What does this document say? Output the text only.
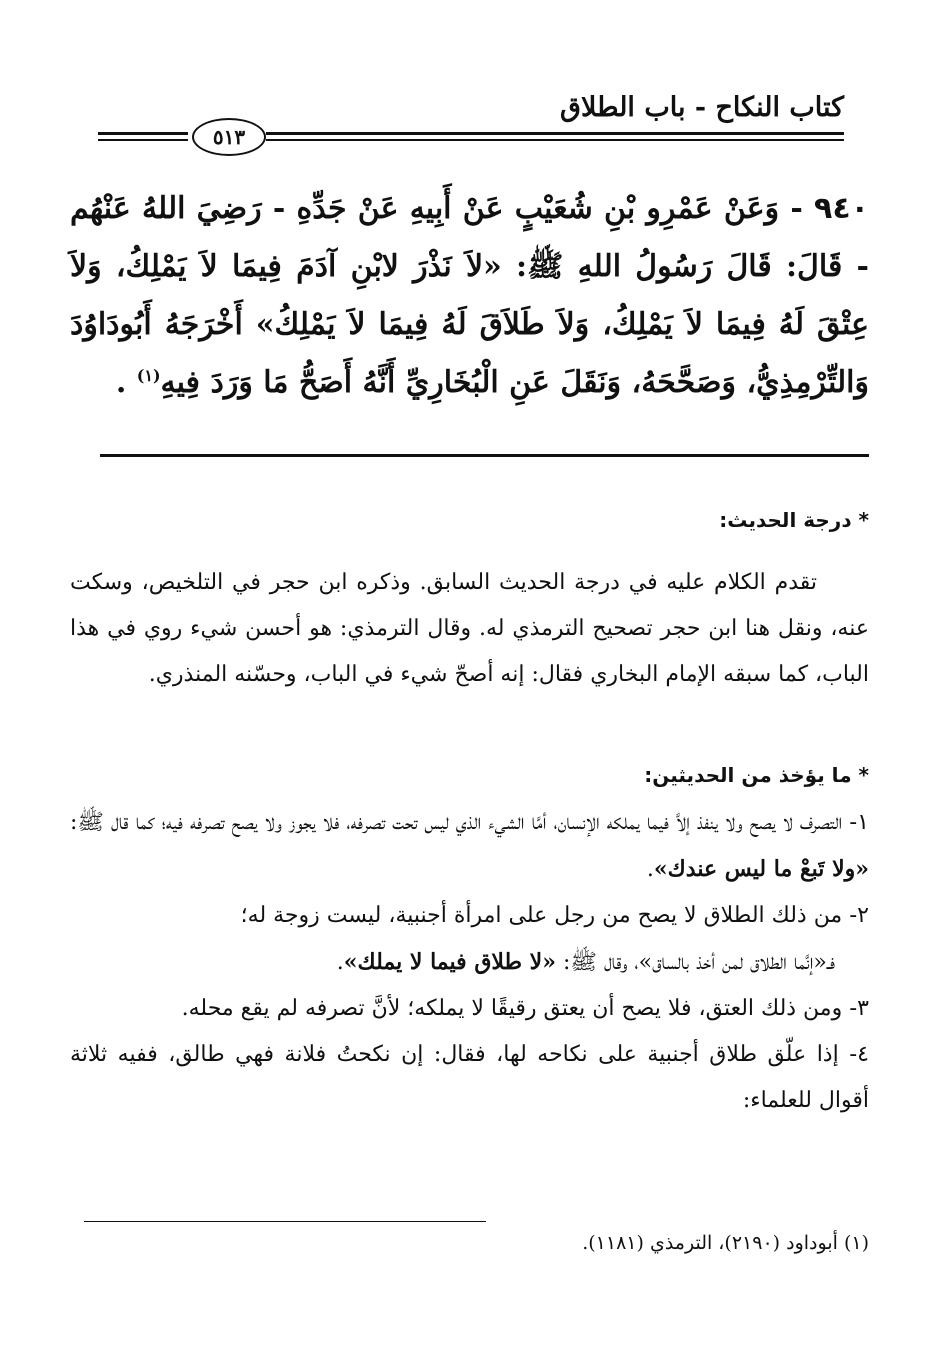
كتاب النكاح - باب الطلاق
٥١٣
٩٤٠ - وَعَنْ عَمْرِو بْنِ شُعَيْبٍ عَنْ أَبِيهِ عَنْ جَدِّهِ - رَضِيَ اللهُ عَنْهُم - قَالَ: قَالَ رَسُولُ اللهِ ﷺ: «لاَ نَذْرَ لابْنِ آدَمَ فِيمَا لاَ يَمْلِكُ، وَلاَ عِتْقَ لَهُ فِيمَا لاَ يَمْلِكُ، وَلاَ طَلاَقَ لَهُ فِيمَا لاَ يَمْلِكُ» أَخْرَجَهُ أَبُودَاوُدَ وَالتِّرْمِذِيُّ، وَصَحَّحَهُ، وَنَقَلَ عَنِ الْبُخَارِيِّ أَنَّهُ أَصَحُّ مَا وَرَدَ فِيهِ$^{(١)}$ .
* درجة الحديث:
تقدم الكلام عليه في درجة الحديث السابق. وذكره ابن حجر في التلخيص، وسكت عنه، ونقل هنا ابن حجر تصحيح الترمذي له. وقال الترمذي: هو أحسن شيء روي في هذا الباب، كما سبقه الإمام البخاري فقال: إنه أصحّ شيء في الباب، وحسّنه المنذري.
* ما يؤخذ من الحديثين:
١- التصرف لا يصح ولا ينفذ إلاَّ فيما يملكه الإنسان، أمَّا الشيء الذي ليس تحت تصرفه، فلا يجوز ولا يصح تصرفه فيه؛ كما قال ﷺ: «ولا تَبعْ ما ليس عندك».
٢- من ذلك الطلاق لا يصح من رجل على امرأة أجنبية، ليست زوجة له؛
فـ«إنَّما الطلاق لمن أخذ بالساق»، وقال ﷺ: «لا طلاق فيما لا يملك».
٣- ومن ذلك العتق، فلا يصح أن يعتق رقيقًا لا يملكه؛ لأنَّ تصرفه لم يقع محله.
٤- إذا علّق طلاق أجنبية على نكاحه لها، فقال: إن نكحتُ فلانة فهي طالق، ففيه ثلاثة أقوال للعلماء:
(١) أبوداود (٢١٩٠)، الترمذي (١١٨١).
